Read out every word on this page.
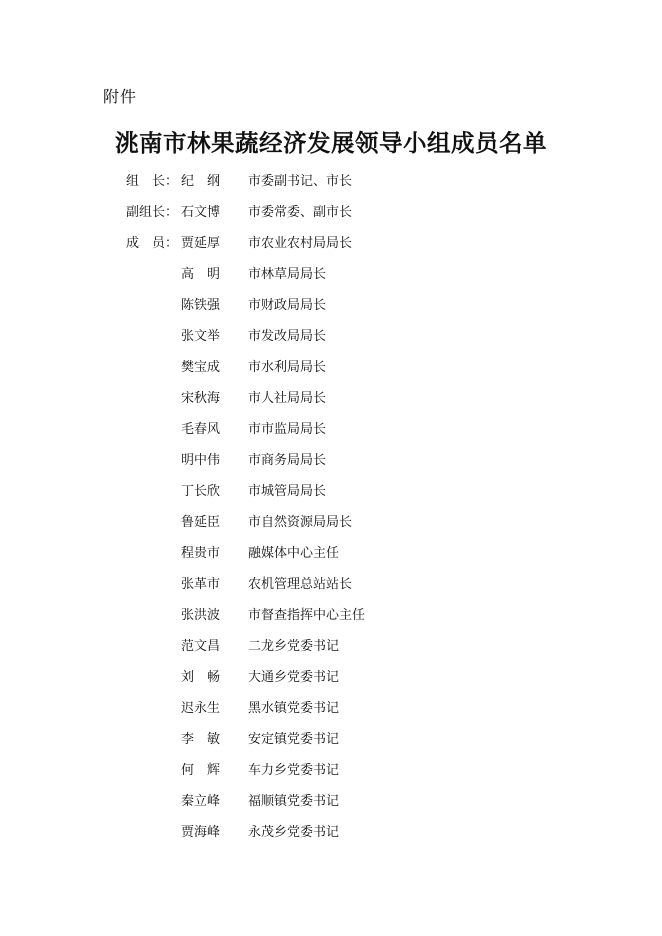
附件
洮南市林果蔬经济发展领导小组成员名单
组　长： 纪　纲 市委副书记、市长
副组长： 石文博 市委常委、副市长
成　员： 贾延厚 市农业农村局局长
高　明 市林草局局长
陈铁强 市财政局局长
张文举 市发改局局长
樊宝成 市水利局局长
宋秋海 市人社局局长
毛春风 市市监局局长
明中伟 市商务局局长
丁长欣 市城管局局长
鲁延臣 市自然资源局局长
程贵市 融媒体中心主任
张革市 农机管理总站站长
张洪波 市督查指挥中心主任
范文昌 二龙乡党委书记
刘　畅 大通乡党委书记
迟永生 黑水镇党委书记
李　敏 安定镇党委书记
何　辉 车力乡党委书记
秦立峰 福顺镇党委书记
贾海峰 永茂乡党委书记
